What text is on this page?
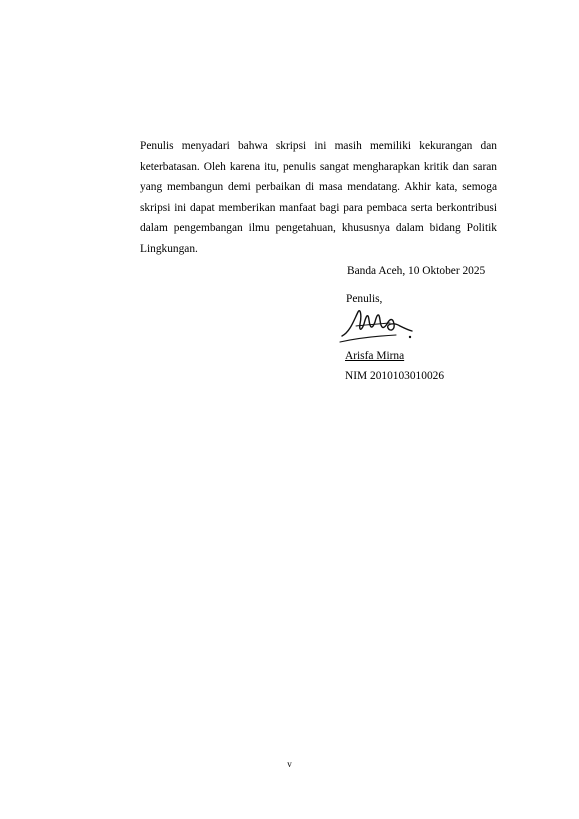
Penulis menyadari bahwa skripsi ini masih memiliki kekurangan dan
keterbatasan. Oleh karena itu, penulis sangat mengharapkan kritik dan saran
yang membangun demi perbaikan di masa mendatang. Akhir kata, semoga
skripsi ini dapat memberikan manfaat bagi para pembaca serta berkontribusi
dalam pengembangan ilmu pengetahuan, khususnya dalam bidang Politik
Lingkungan.
Banda Aceh, 10 Oktober 2025
Penulis,
Arisfa Mirna
NIM 2010103010026
v
